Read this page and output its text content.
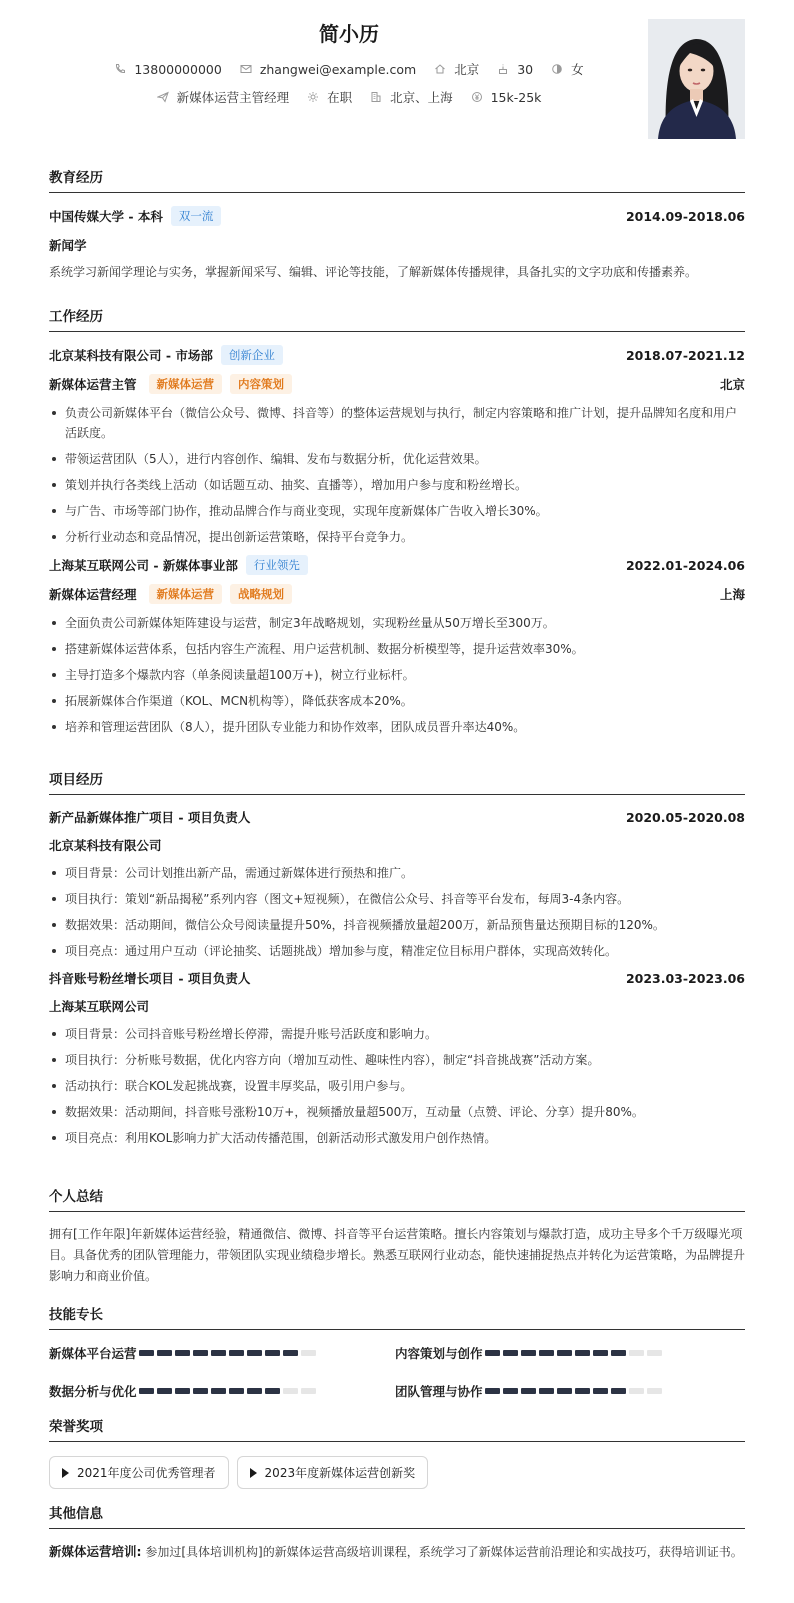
简小历
13800000000	zhangwei@example.com	北京	30	女
新媒体运营主管经理	在职	北京、上海	15k-25k
教育经历
中国传媒大学 - 本科	双一流	2014.09-2018.06
新闻学
系统学习新闻学理论与实务，掌握新闻采写、编辑、评论等技能，了解新媒体传播规律，具备扎实的文字功底和传播素养。
工作经历
北京某科技有限公司 - 市场部	创新企业	2018.07-2021.12
新媒体运营主管	新媒体运营	内容策划	北京
负责公司新媒体平台（微信公众号、微博、抖音等）的整体运营规划与执行，制定内容策略和推广计划，提升品牌知名度和用户活跃度。
带领运营团队（5人），进行内容创作、编辑、发布与数据分析，优化运营效果。
策划并执行各类线上活动（如话题互动、抽奖、直播等），增加用户参与度和粉丝增长。
与广告、市场等部门协作，推动品牌合作与商业变现，实现年度新媒体广告收入增长30%。
分析行业动态和竞品情况，提出创新运营策略，保持平台竞争力。
上海某互联网公司 - 新媒体事业部	行业领先	2022.01-2024.06
新媒体运营经理	新媒体运营	战略规划	上海
全面负责公司新媒体矩阵建设与运营，制定3年战略规划，实现粉丝量从50万增长至300万。
搭建新媒体运营体系，包括内容生产流程、用户运营机制、数据分析模型等，提升运营效率30%。
主导打造多个爆款内容（单条阅读量超100万+)，树立行业标杆。
拓展新媒体合作渠道（KOL、MCN机构等），降低获客成本20%。
培养和管理运营团队（8人），提升团队专业能力和协作效率，团队成员晋升率达40%。
项目经历
新产品新媒体推广项目 - 项目负责人	2020.05-2020.08
北京某科技有限公司
项目背景：公司计划推出新产品，需通过新媒体进行预热和推广。
项目执行：策划“新品揭秘”系列内容（图文+短视频），在微信公众号、抖音等平台发布，每周3-4条内容。
数据效果：活动期间，微信公众号阅读量提升50%，抖音视频播放量超200万，新品预售量达预期目标的120%。
项目亮点：通过用户互动（评论抽奖、话题挑战）增加参与度，精准定位目标用户群体，实现高效转化。
抖音账号粉丝增长项目 - 项目负责人	2023.03-2023.06
上海某互联网公司
项目背景：公司抖音账号粉丝增长停滞，需提升账号活跃度和影响力。
项目执行：分析账号数据，优化内容方向（增加互动性、趣味性内容），制定“抖音挑战赛”活动方案。
活动执行：联合KOL发起挑战赛，设置丰厚奖品，吸引用户参与。
数据效果：活动期间，抖音账号涨粉10万+，视频播放量超500万，互动量（点赞、评论、分享）提升80%。
项目亮点：利用KOL影响力扩大活动传播范围，创新活动形式激发用户创作热情。
个人总结
拥有[工作年限]年新媒体运营经验，精通微信、微博、抖音等平台运营策略。擅长内容策划与爆款打造，成功主导多个千万级曝光项目。具备优秀的团队管理能力，带领团队实现业绩稳步增长。熟悉互联网行业动态，能快速捕捉热点并转化为运营策略，为品牌提升影响力和商业价值。
技能专长
新媒体平台运营	内容策划与创作
数据分析与优化	团队管理与协作
荣誉奖项
2021年度公司优秀管理者	2023年度新媒体运营创新奖
其他信息
新媒体运营培训: 参加过[具体培训机构]的新媒体运营高级培训课程，系统学习了新媒体运营前沿理论和实战技巧，获得培训证书。
